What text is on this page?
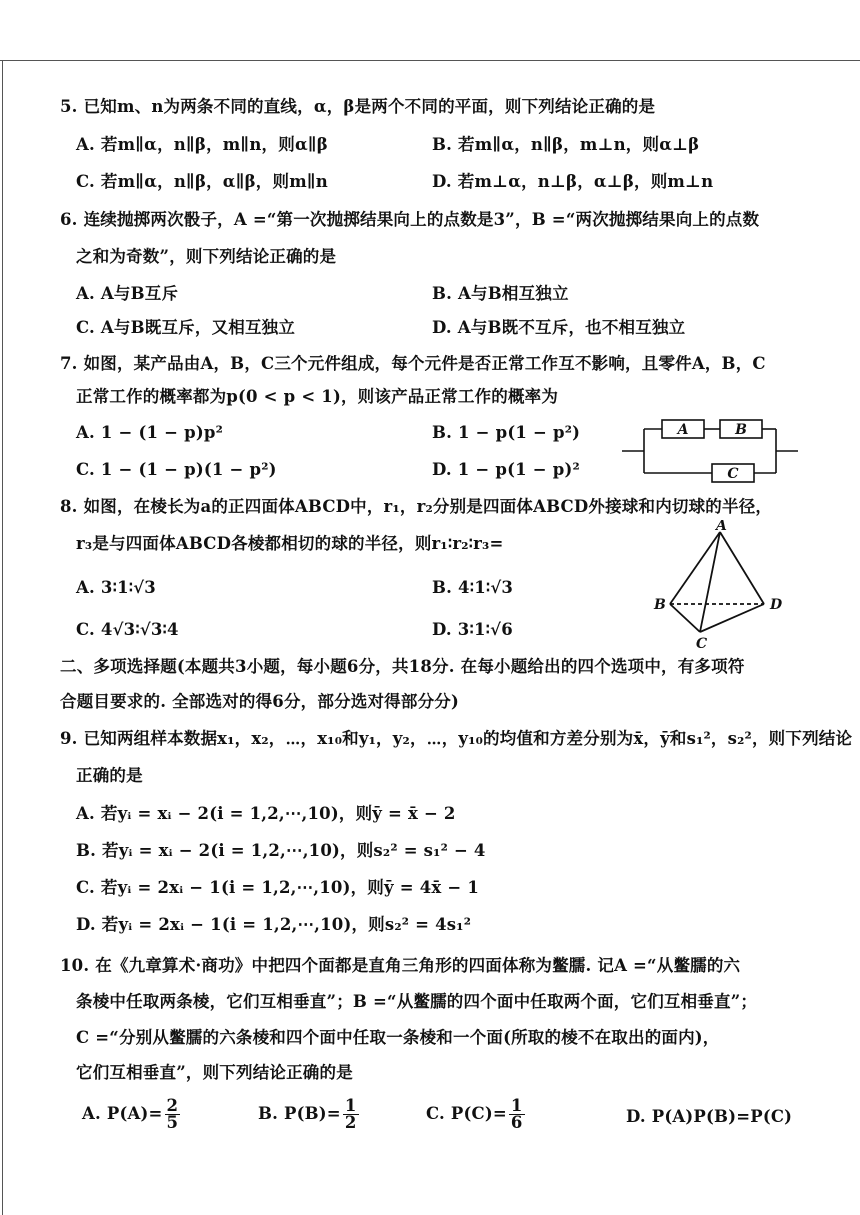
5. 已知m、n为两条不同的直线，α，β是两个不同的平面，则下列结论正确的是
A. 若m∥α，n∥β，m∥n，则α∥β	B. 若m∥α，n∥β，m⊥n，则α⊥β
C. 若m∥α，n∥β，α∥β，则m∥n	D. 若m⊥α，n⊥β，α⊥β，则m⊥n
6. 连续抛掷两次骰子，A =“第一次抛掷结果向上的点数是3”，B =“两次抛掷结果向上的点数
之和为奇数”，则下列结论正确的是
A. A与B互斥	B. A与B相互独立
C. A与B既互斥，又相互独立	D. A与B既不互斥，也不相互独立
7. 如图，某产品由A，B，C三个元件组成，每个元件是否正常工作互不影响，且零件A，B，C
正常工作的概率都为p(0 < p < 1)，则该产品正常工作的概率为
A. 1 − (1 − p)p²	B. 1 − p(1 − p²)
C. 1 − (1 − p)(1 − p²)	D. 1 − p(1 − p)²
A	B
C
8. 如图，在棱长为a的正四面体ABCD中，r₁，r₂分别是四面体ABCD外接球和内切球的半径，
r₃是与四面体ABCD各棱都相切的球的半径，则r₁∶r₂∶r₃=
A. 3∶1∶√3	B. 4∶1∶√3
C. 4√3∶√3∶4	D. 3∶1∶√6
A
B
C
D
二、多项选择题(本题共3小题，每小题6分，共18分. 在每小题给出的四个选项中，有多项符
合题目要求的. 全部选对的得6分，部分选对得部分分)
9. 已知两组样本数据x₁，x₂，⋯，x₁₀和y₁，y₂，⋯，y₁₀的均值和方差分别为x̄，ȳ和s₁²，s₂²，则下列结论
正确的是
A. 若yᵢ = xᵢ − 2(i = 1,2,⋯,10)，则ȳ = x̄ − 2
B. 若yᵢ = xᵢ − 2(i = 1,2,⋯,10)，则s₂² = s₁² − 4
C. 若yᵢ = 2xᵢ − 1(i = 1,2,⋯,10)，则ȳ = 4x̄ − 1
D. 若yᵢ = 2xᵢ − 1(i = 1,2,⋯,10)，则s₂² = 4s₁²
10. 在《九章算术·商功》中把四个面都是直角三角形的四面体称为鳖臑. 记A =“从鳖臑的六
条棱中任取两条棱，它们互相垂直”；B =“从鳖臑的四个面中任取两个面，它们互相垂直”；
C =“分别从鳖臑的六条棱和四个面中任取一条棱和一个面(所取的棱不在取出的面内)，
它们互相垂直”，则下列结论正确的是
A. $P(A)= \frac{2}{5}$	B. $P(B)= \frac{1}{2}$	C. $P(C)= \frac{1}{6}$	D. P(A)P(B)=P(C)
